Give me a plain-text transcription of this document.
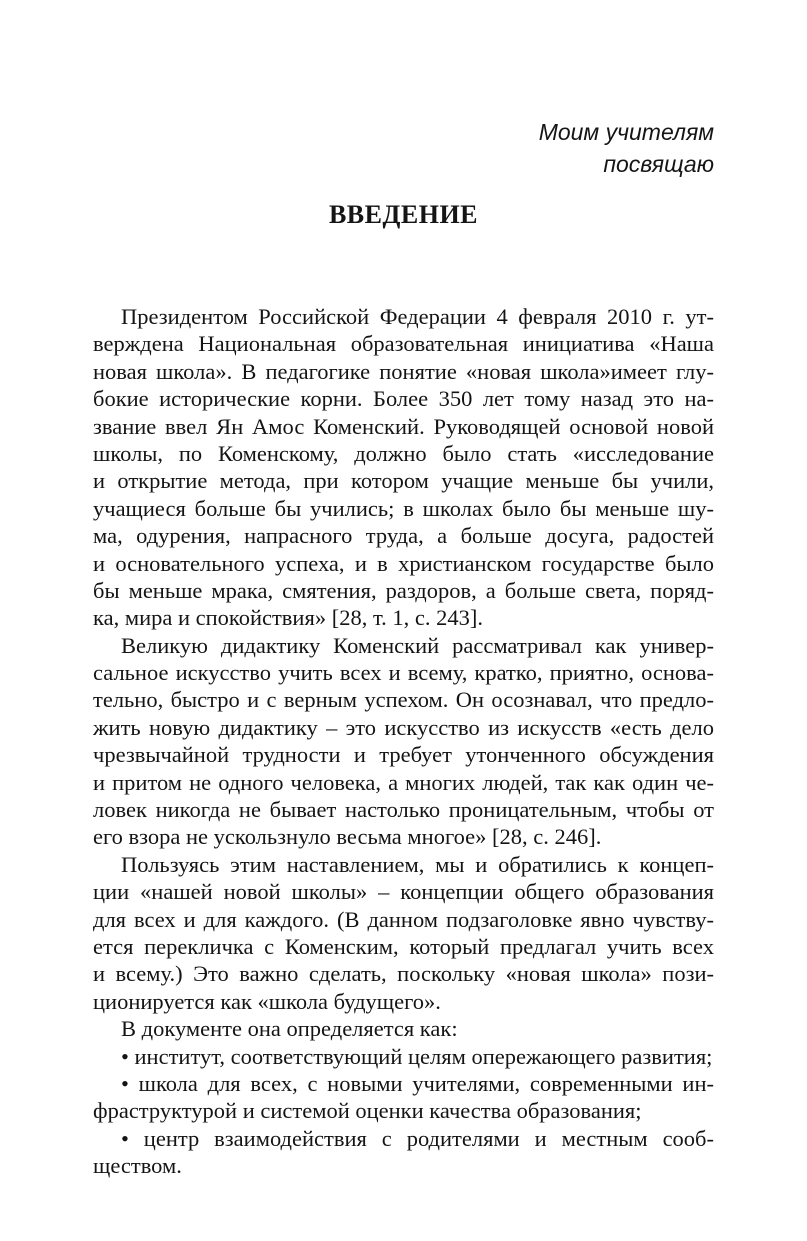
Моим учителям
посвящаю
ВВЕДЕНИЕ
Президентом Российской Федерации 4 февраля 2010 г. ут-
верждена Национальная образовательная инициатива «Наша
новая школа». В педагогике понятие «новая школа»имеет глу-
бокие исторические корни. Более 350 лет тому назад это на-
звание ввел Ян Амос Коменский. Руководящей основой новой
школы, по Коменскому, должно было стать «исследование
и открытие метода, при котором учащие меньше бы учили,
учащиеся больше бы учились; в школах было бы меньше шу-
ма, одурения, напрасного труда, а больше досуга, радостей
и основательного успеха, и в христианском государстве было
бы меньше мрака, смятения, раздоров, а больше света, поряд-
ка, мира и спокойствия» [28, т. 1, с. 243].
Великую дидактику Коменский рассматривал как универ-
сальное искусство учить всех и всему, кратко, приятно, основа-
тельно, быстро и с верным успехом. Он осознавал, что предло-
жить новую дидактику – это искусство из искусств «есть дело
чрезвычайной трудности и требует утонченного обсуждения
и притом не одного человека, а многих людей, так как один че-
ловек никогда не бывает настолько проницательным, чтобы от
его взора не ускользнуло весьма многое» [28, с. 246].
Пользуясь этим наставлением, мы и обратились к концеп-
ции «нашей новой школы» – концепции общего образования
для всех и для каждого. (В данном подзаголовке явно чувству-
ется перекличка с Коменским, который предлагал учить всех
и всему.) Это важно сделать, поскольку «новая школа» пози-
ционируется как «школа будущего».
В документе она определяется как:
• институт, соответствующий целям опережающего развития;
• школа для всех, с новыми учителями, современными ин-
фраструктурой и системой оценки качества образования;
• центр взаимодействия с родителями и местным сооб-
ществом.
